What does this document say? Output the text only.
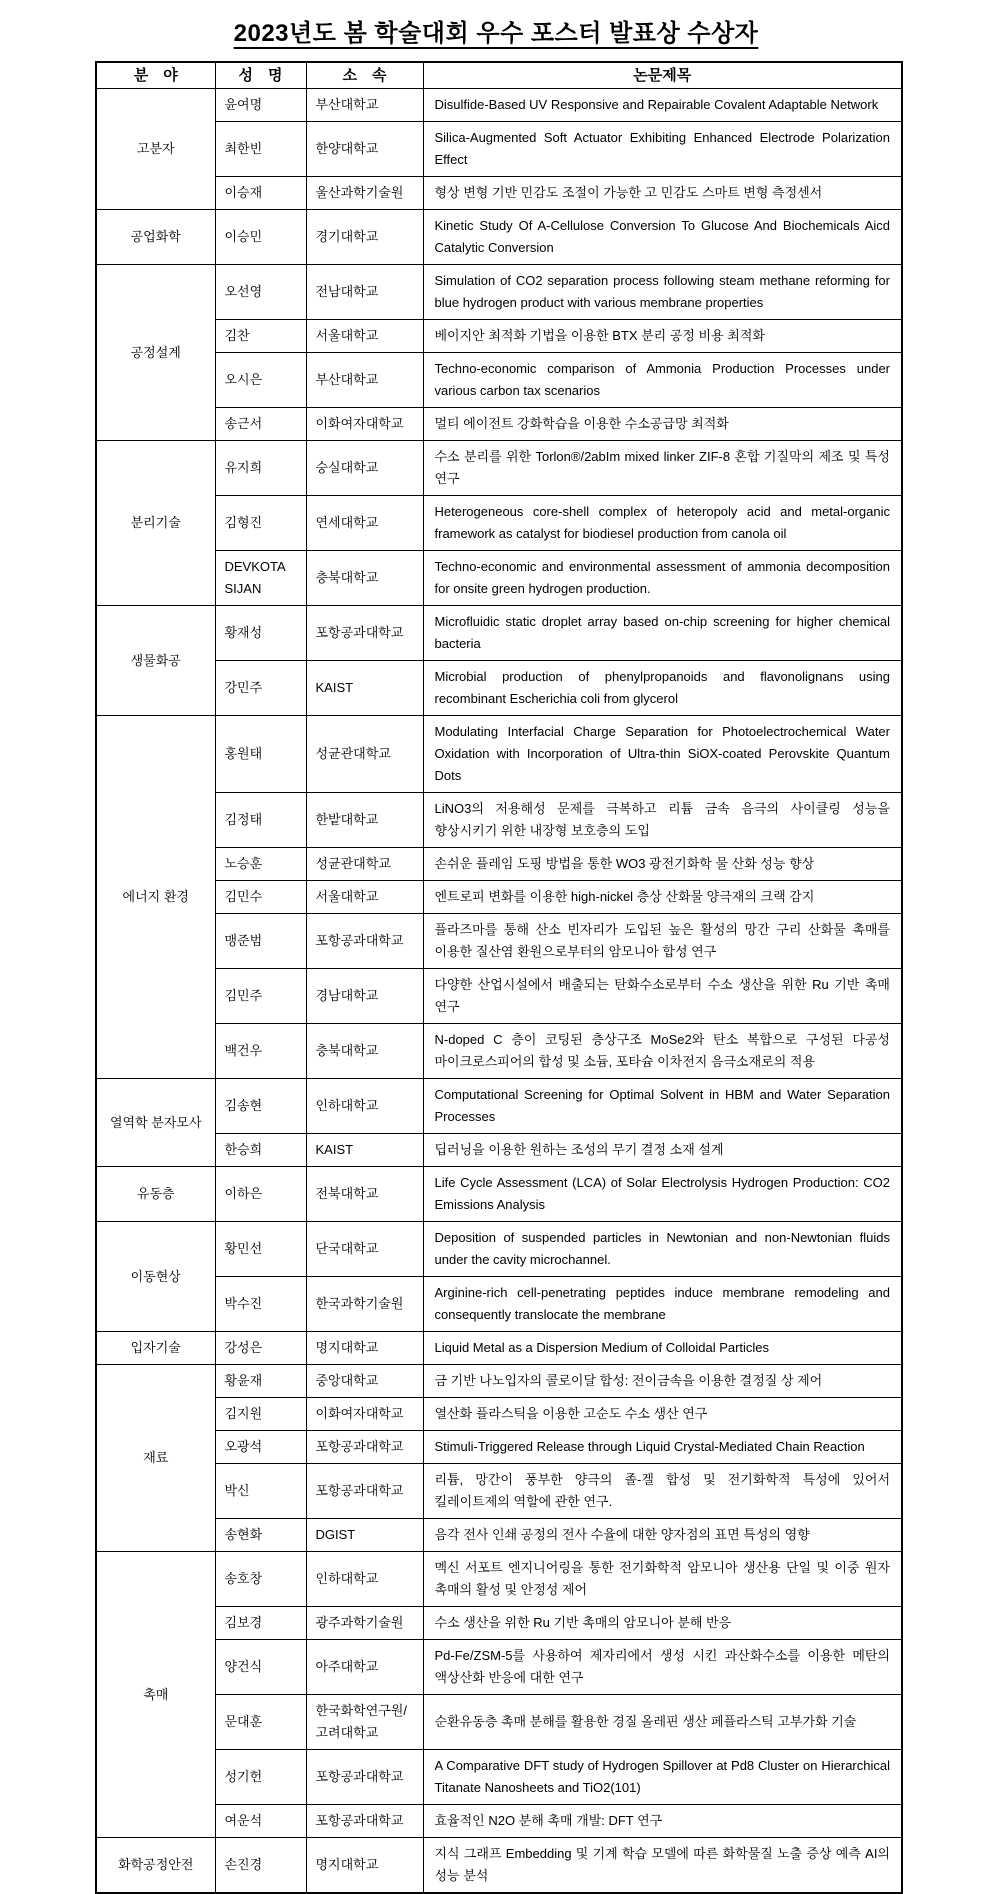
2023년도 봄 학술대회 우수 포스터 발표상 수상자
분　야	성　명	소　속	논문제목
고분자	윤여명	부산대학교	Disulfide-Based UV Responsive and Repairable Covalent Adaptable Network
	최한빈	한양대학교	Silica-Augmented Soft Actuator Exhibiting Enhanced Electrode Polarization Effect
	이승재	울산과학기술원	형상 변형 기반 민감도 조절이 가능한 고 민감도 스마트 변형 측정센서
공업화학	이승민	경기대학교	Kinetic Study Of A-Cellulose Conversion To Glucose And Biochemicals Aicd Catalytic Conversion
공정설계	오선영	전남대학교	Simulation of CO2 separation process following steam methane reforming for blue hydrogen product with various membrane properties
	김찬	서울대학교	베이지안 최적화 기법을 이용한 BTX 분리 공정 비용 최적화
	오시은	부산대학교	Techno-economic comparison of Ammonia Production Processes under various carbon tax scenarios
	송근서	이화여자대학교	멀티 에이전트 강화학습을 이용한 수소공급망 최적화
분리기술	유지희	숭실대학교	수소 분리를 위한 Torlon®/2abIm mixed linker ZIF-8 혼합 기질막의 제조 및 특성 연구
	김형진	연세대학교	Heterogeneous core-shell complex of heteropoly acid and metal-organic framework as catalyst for biodiesel production from canola oil
	DEVKOTA SIJAN	충북대학교	Techno-economic and environmental assessment of ammonia decomposition for onsite green hydrogen production.
생물화공	황재성	포항공과대학교	Microfluidic static droplet array based on-chip screening for higher chemical bacteria
	강민주	KAIST	Microbial production of phenylpropanoids and flavonolignans using recombinant Escherichia coli from glycerol
에너지 환경	홍원태	성균관대학교	Modulating Interfacial Charge Separation for Photoelectrochemical Water Oxidation with Incorporation of Ultra-thin SiOX-coated Perovskite Quantum Dots
	김정태	한밭대학교	LiNO3의 저용해성 문제를 극복하고 리튬 금속 음극의 사이클링 성능을 향상시키기 위한 내장형 보호층의 도입
	노승훈	성균관대학교	손쉬운 플레임 도핑 방법을 통한 WO3 광전기화학 물 산화 성능 향상
	김민수	서울대학교	엔트로피 변화를 이용한 high-nickel 층상 산화물 양극재의 크랙 감지
	맹준범	포항공과대학교	플라즈마를 통해 산소 빈자리가 도입된 높은 활성의 망간 구리 산화물 촉매를 이용한 질산염 환원으로부터의 암모니아 합성 연구
	김민주	경남대학교	다양한 산업시설에서 배출되는 탄화수소로부터 수소 생산을 위한 Ru 기반 촉매 연구
	백건우	충북대학교	N-doped C 층이 코팅된 층상구조 MoSe2와 탄소 복합으로 구성된 다공성 마이크로스피어의 합성 및 소듐, 포타슘 이차전지 음극소재로의 적용
열역학 분자모사	김송현	인하대학교	Computational Screening for Optimal Solvent in HBM and Water Separation Processes
	한승희	KAIST	딥러닝을 이용한 원하는 조성의 무기 결정 소재 설계
유동층	이하은	전북대학교	Life Cycle Assessment (LCA) of Solar Electrolysis Hydrogen Production: CO2 Emissions Analysis
이동현상	황민선	단국대학교	Deposition of suspended particles in Newtonian and non-Newtonian fluids under the cavity microchannel.
	박수진	한국과학기술원	Arginine-rich cell-penetrating peptides induce membrane remodeling and consequently translocate the membrane
입자기술	강성은	명지대학교	Liquid Metal as a Dispersion Medium of Colloidal Particles
재료	황윤재	중앙대학교	금 기반 나노입자의 콜로이달 합성: 전이금속을 이용한 결정질 상 제어
	김지원	이화여자대학교	열산화 플라스틱을 이용한 고순도 수소 생산 연구
	오광석	포항공과대학교	Stimuli-Triggered Release through Liquid Crystal-Mediated Chain Reaction
	박신	포항공과대학교	리튬, 망간이 풍부한 양극의 졸-겔 합성 및 전기화학적 특성에 있어서 킬레이트제의 역할에 관한 연구.
	송현화	DGIST	음각 전사 인쇄 공정의 전사 수율에 대한 양자점의 표면 특성의 영향
촉매	송호창	인하대학교	멕신 서포트 엔지니어링을 통한 전기화학적 암모니아 생산용 단일 및 이중 원자 촉매의 활성 및 안정성 제어
	김보경	광주과학기술원	수소 생산을 위한 Ru 기반 촉매의 암모니아 분해 반응
	양건식	아주대학교	Pd-Fe/ZSM-5를 사용하여 제자리에서 생성 시킨 과산화수소를 이용한 메탄의 액상산화 반응에 대한 연구
	문대훈	한국화학연구원/고려대학교	순환유동층 촉매 분해를 활용한 경질 올레핀 생산 페플라스틱 고부가화 기술
	성기헌	포항공과대학교	A Comparative DFT study of Hydrogen Spillover at Pd8 Cluster on Hierarchical Titanate Nanosheets and TiO2(101)
	여운석	포항공과대학교	효율적인 N2O 분해 촉매 개발: DFT 연구
화학공정안전	손진경	명지대학교	지식 그래프 Embedding 및 기계 학습 모델에 따른 화학물질 노출 증상 예측 AI의 성능 분석
